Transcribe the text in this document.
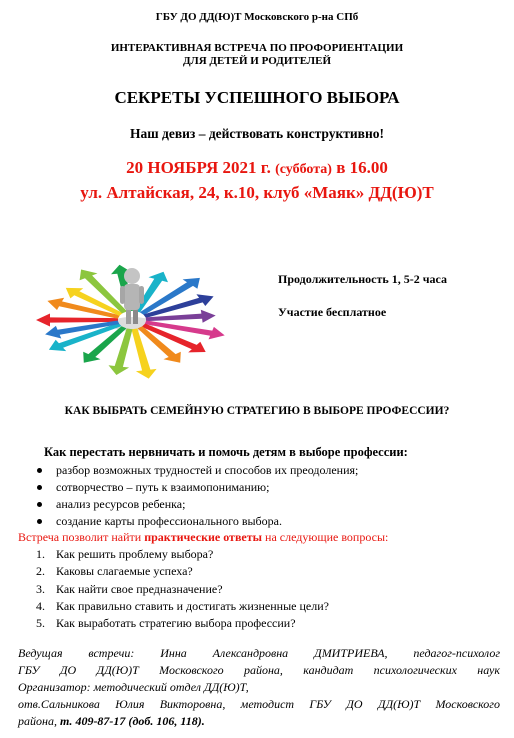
ГБУ ДО ДД(Ю)Т Московского р-на СПб
ИНТЕРАКТИВНАЯ ВСТРЕЧА ПО ПРОФОРИЕНТАЦИИ
ДЛЯ ДЕТЕЙ И РОДИТЕЛЕЙ
СЕКРЕТЫ УСПЕШНОГО ВЫБОРА
Наш девиз – действовать конструктивно!
20 НОЯБРЯ 2021 г. (суббота) в 16.00
ул. Алтайская, 24, к.10, клуб «Маяк» ДД(Ю)Т
Продолжительность 1, 5-2 часа
Участие бесплатное
КАК ВЫБРАТЬ СЕМЕЙНУЮ СТРАТЕГИЮ В ВЫБОРЕ ПРОФЕССИИ?
Как перестать нервничать и помочь детям в выборе профессии:
разбор возможных трудностей и способов их преодоления;
сотворчество – путь к взаимопониманию;
анализ ресурсов ребенка;
создание карты профессионального выбора.
Встреча позволит найти практические ответы на следующие вопросы:
1. Как решить проблему выбора?
2. Каковы слагаемые успеха?
3. Как найти свое предназначение?
4. Как правильно ставить и достигать жизненные цели?
5. Как выработать стратегию выбора профессии?
Ведущая встречи: Инна Александровна ДМИТРИЕВА, педагог-психолог
ГБУ ДО ДД(Ю)Т Московского района, кандидат психологических наук
Организатор: методический отдел ДД(Ю)Т,
отв.Сальникова Юлия Викторовна, методист ГБУ ДО ДД(Ю)Т Московского
района, т. 409-87-17 (доб. 106, 118).
